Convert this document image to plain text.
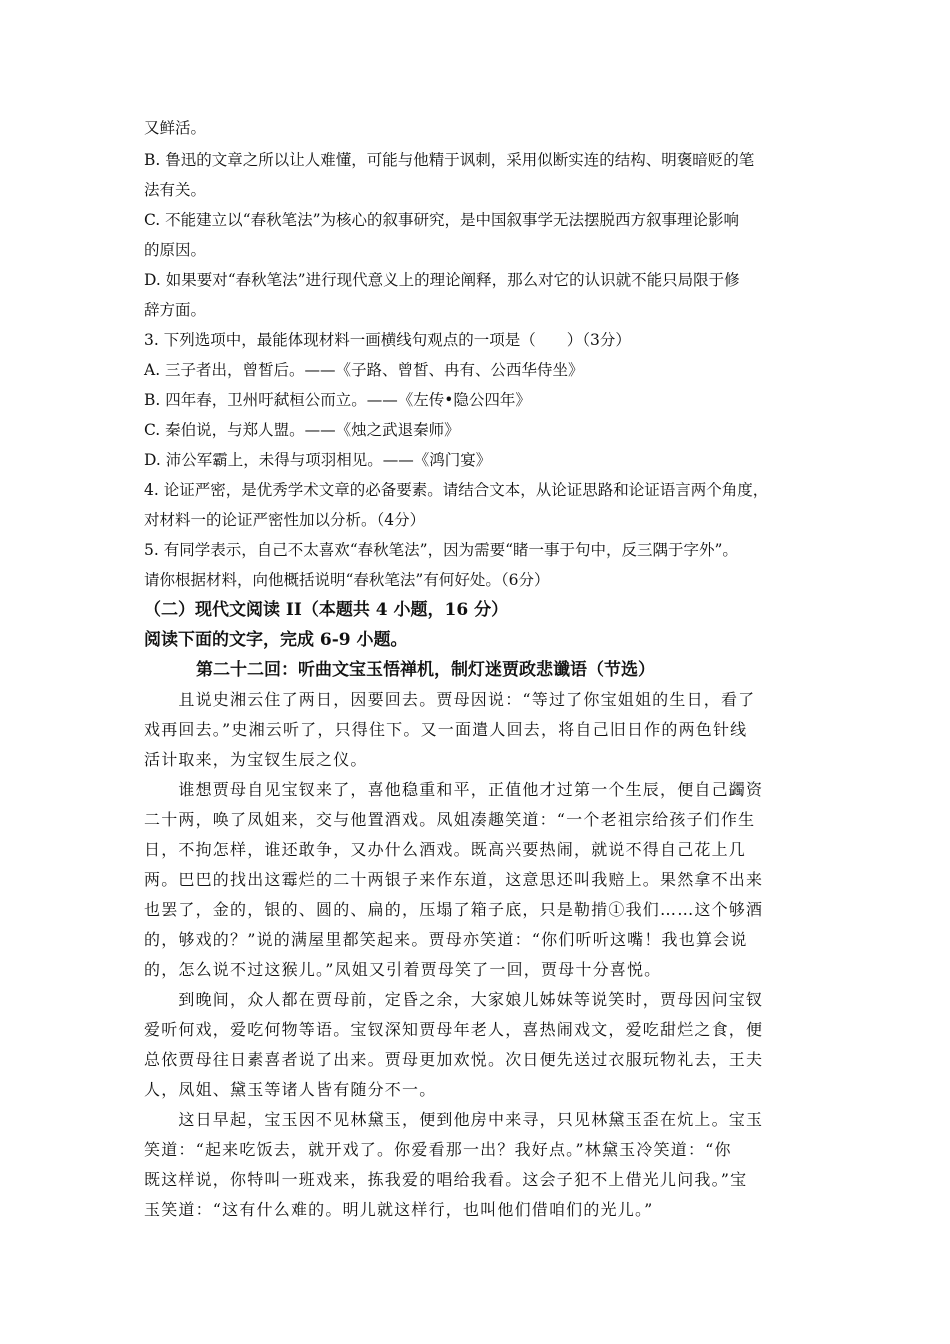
又鲜活。
B. 鲁迅的文章之所以让人难懂，可能与他精于讽刺，采用似断实连的结构、明褒暗贬的笔
法有关。
C. 不能建立以“春秋笔法”为核心的叙事研究，是中国叙事学无法摆脱西方叙事理论影响
的原因。
D. 如果要对“春秋笔法”进行现代意义上的理论阐释，那么对它的认识就不能只局限于修
辞方面。
3. 下列选项中，最能体现材料一画横线句观点的一项是（　　）（3分）
A. 三子者出，曾皙后。——《子路、曾皙、冉有、公西华侍坐》
B. 四年春，卫州吁弑桓公而立。——《左传•隐公四年》
C. 秦伯说，与郑人盟。——《烛之武退秦师》
D. 沛公军霸上，未得与项羽相见。——《鸿门宴》
4. 论证严密，是优秀学术文章的必备要素。请结合文本，从论证思路和论证语言两个角度，
对材料一的论证严密性加以分析。（4分）
5. 有同学表示，自己不太喜欢“春秋笔法”，因为需要“睹一事于句中，反三隅于字外”。
请你根据材料，向他概括说明“春秋笔法”有何好处。（6分）
（二）现代文阅读 II（本题共 4 小题，16 分）
阅读下面的文字，完成 6-9 小题。
第二十二回：听曲文宝玉悟禅机，制灯迷贾政悲谶语（节选）
　　且说史湘云住了两日，因要回去。贾母因说：“等过了你宝姐姐的生日，看了
戏再回去。”史湘云听了，只得住下。又一面遣人回去，将自己旧日作的两色针线
活计取来，为宝钗生辰之仪。
　　谁想贾母自见宝钗来了，喜他稳重和平，正值他才过第一个生辰，便自己蠲资
二十两，唤了凤姐来，交与他置酒戏。凤姐凑趣笑道：“一个老祖宗给孩子们作生
日，不拘怎样，谁还敢争，又办什么酒戏。既高兴要热闹，就说不得自己花上几
两。巴巴的找出这霉烂的二十两银子来作东道，这意思还叫我赔上。果然拿不出来
也罢了，金的，银的、圆的、扁的，压塌了箱子底，只是勒掯①我们……这个够酒
的，够戏的？”说的满屋里都笑起来。贾母亦笑道：“你们听听这嘴！我也算会说
的，怎么说不过这猴儿。”凤姐又引着贾母笑了一回，贾母十分喜悦。
　　到晚间，众人都在贾母前，定昏之余，大家娘儿姊妹等说笑时，贾母因问宝钗
爱听何戏，爱吃何物等语。宝钗深知贾母年老人，喜热闹戏文，爱吃甜烂之食，便
总依贾母往日素喜者说了出来。贾母更加欢悦。次日便先送过衣服玩物礼去，王夫
人，凤姐、黛玉等诸人皆有随分不一。
　　这日早起，宝玉因不见林黛玉，便到他房中来寻，只见林黛玉歪在炕上。宝玉
笑道：“起来吃饭去，就开戏了。你爱看那一出？我好点。”林黛玉冷笑道：“你
既这样说，你特叫一班戏来，拣我爱的唱给我看。这会子犯不上借光儿问我。”宝
玉笑道：“这有什么难的。明儿就这样行，也叫他们借咱们的光儿。”
